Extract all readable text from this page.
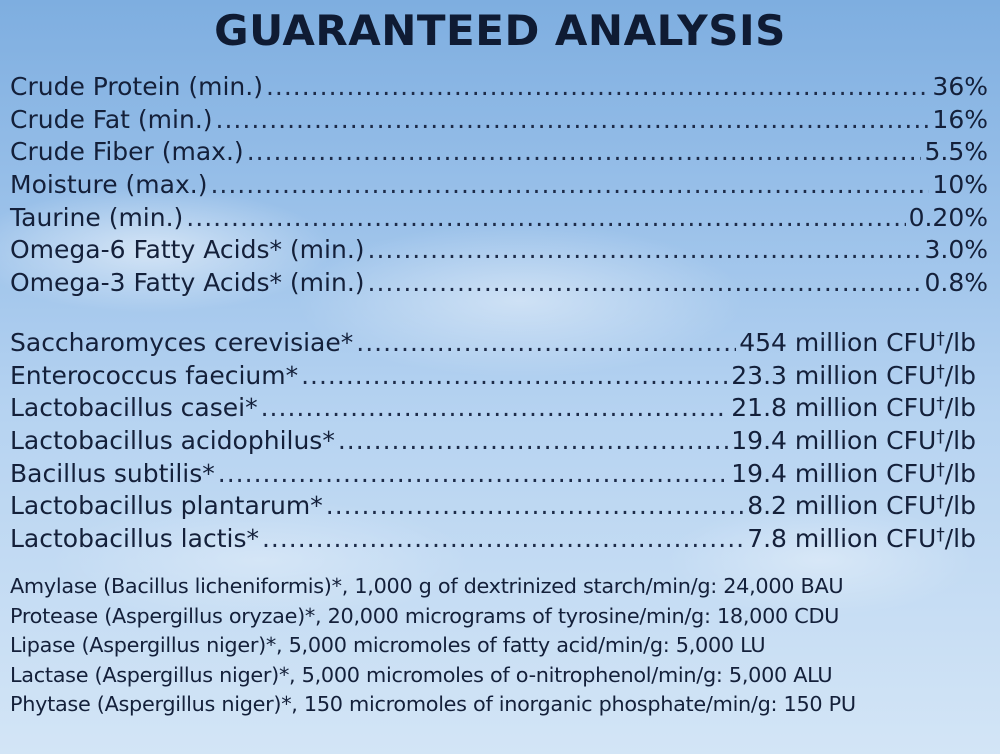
GUARANTEED ANALYSIS
Crude Protein (min.) .....	36%
Crude Fat (min.) .....	16%
Crude Fiber (max.) .....	5.5%
Moisture (max.) .....	10%
Taurine (min.) .....	0.20%
Omega-6 Fatty Acids* (min.) .....	3.0%
Omega-3 Fatty Acids* (min.) .....	0.8%
Saccharomyces cerevisiae* .....	454 million CFU†/lb
Enterococcus faecium* .....	23.3 million CFU†/lb
Lactobacillus casei* .....	21.8 million CFU†/lb
Lactobacillus acidophilus* .....	19.4 million CFU†/lb
Bacillus subtilis* .....	19.4 million CFU†/lb
Lactobacillus plantarum* .....	8.2 million CFU†/lb
Lactobacillus lactis* .....	7.8 million CFU†/lb
Amylase (Bacillus licheniformis)*, 1,000 g of dextrinized starch/min/g: 24,000 BAU
Protease (Aspergillus oryzae)*, 20,000 micrograms of tyrosine/min/g: 18,000 CDU
Lipase (Aspergillus niger)*, 5,000 micromoles of fatty acid/min/g: 5,000 LU
Lactase (Aspergillus niger)*, 5,000 micromoles of o-nitrophenol/min/g: 5,000 ALU
Phytase (Aspergillus niger)*, 150 micromoles of inorganic phosphate/min/g: 150 PU
